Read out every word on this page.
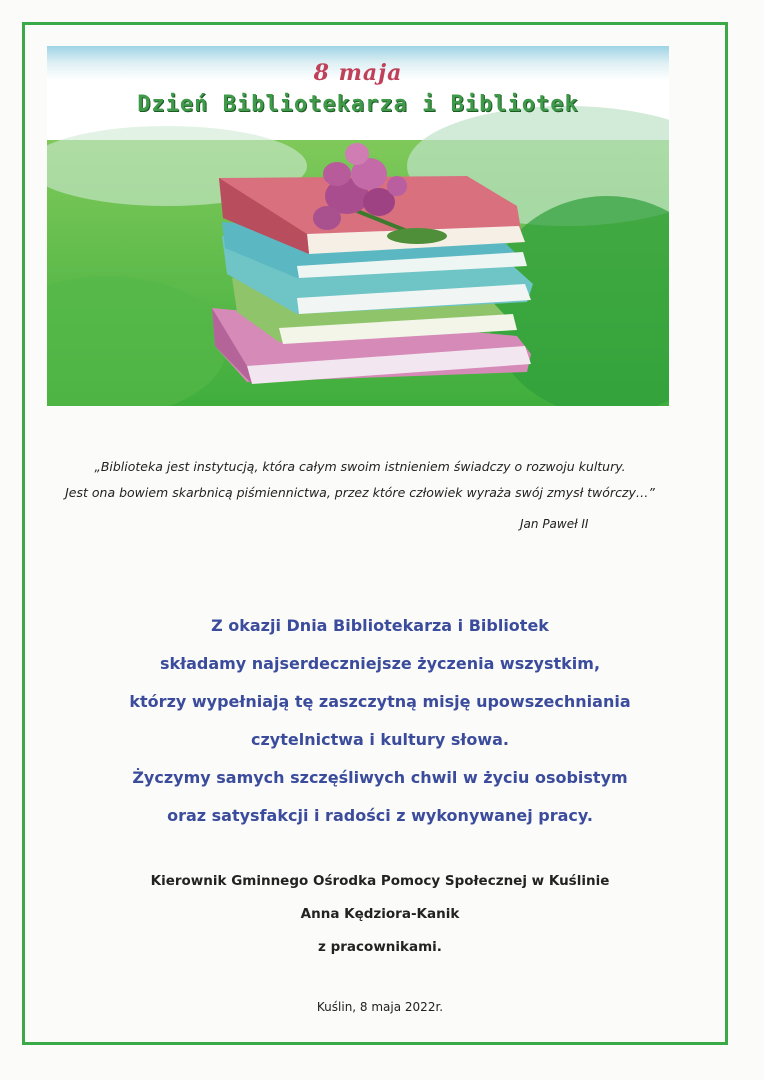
8 maja
Dzień Bibliotekarza i Bibliotek
„Biblioteka jest instytucją, która całym swoim istnieniem świadczy o rozwoju kultury.
Jest ona bowiem skarbnicą piśmiennictwa, przez które człowiek wyraża swój zmysł twórczy…”
Jan Paweł II
Z okazji Dnia Bibliotekarza i Bibliotek
składamy najserdeczniejsze życzenia wszystkim,
którzy wypełniają tę zaszczytną misję upowszechniania
czytelnictwa i kultury słowa.
Życzymy samych szczęśliwych chwil w życiu osobistym
oraz satysfakcji i radości z wykonywanej pracy.
Kierownik Gminnego Ośrodka Pomocy Społecznej w Kuślinie
Anna Kędziora-Kanik
z pracownikami.
Kuślin, 8 maja 2022r.
